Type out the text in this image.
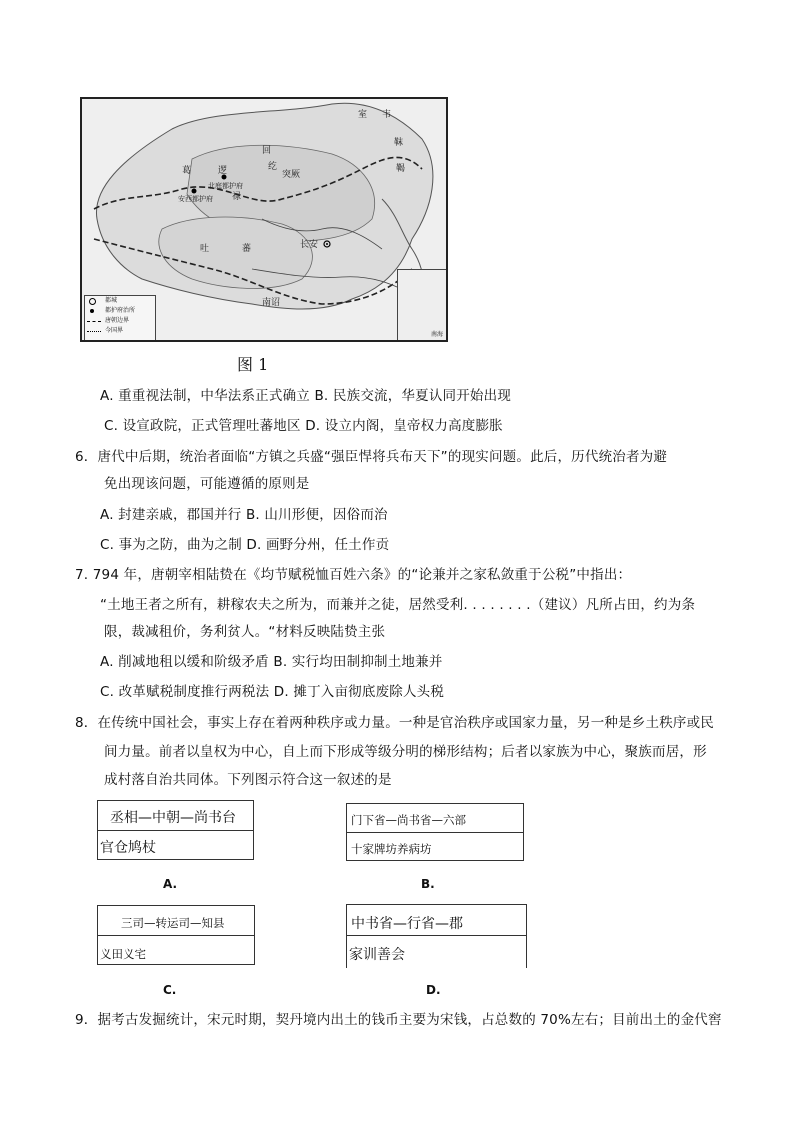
室 韦
靺
鞨
回
纥
突厥
葛	逻
禄
安西都护府
北庭都护府
吐	蕃	长安
南诏
都城
都护府治所
唐朝边界
今国界
南海
图 1
A. 重重视法制，中华法系正式确立 B. 民族交流，华夏认同开始出现
C. 设宣政院，正式管理吐蕃地区 D. 设立内阁，皇帝权力高度膨胀
6．唐代中后期，统治者面临“方镇之兵盛“强臣悍将兵布天下”的现实问题。此后，历代统治者为避
免出现该问题，可能遵循的原则是
A. 封建亲戚，郡国并行 B. 山川形便，因俗而治
C. 事为之防，曲为之制 D. 画野分州，任土作贡
7. 794 年，唐朝宰相陆贽在《均节赋税恤百姓六条》的“论兼并之家私敛重于公税”中指出：
“土地王者之所有，耕稼农夫之所为，而兼并之徒，居然受利. . . . . . . .（建议）凡所占田，约为条
限，裁减租价，务利贫人。“材料反映陆贽主张
A. 削减地租以缓和阶级矛盾 B. 实行均田制抑制土地兼并
C. 改革赋税制度推行两税法 D. 摊丁入亩彻底废除人头税
8．在传统中国社会，事实上存在着两种秩序或力量。一种是官治秩序或国家力量，另一种是乡土秩序或民
间力量。前者以皇权为中心，自上而下形成等级分明的梯形结构；后者以家族为中心，聚族而居，形
成村落自治共同体。下列图示符合这一叙述的是
丞相—中朝—尚书台
官仓鸠杖
A.
门下省—尚书省—六部
十家牌坊养病坊
B.
三司—转运司—知县
义田义宅
C.
中书省—行省—郡
家训善会
D.
9．据考古发掘统计，宋元时期，契丹境内出土的钱币主要为宋钱，占总数的 70%左右；目前出土的金代窖
